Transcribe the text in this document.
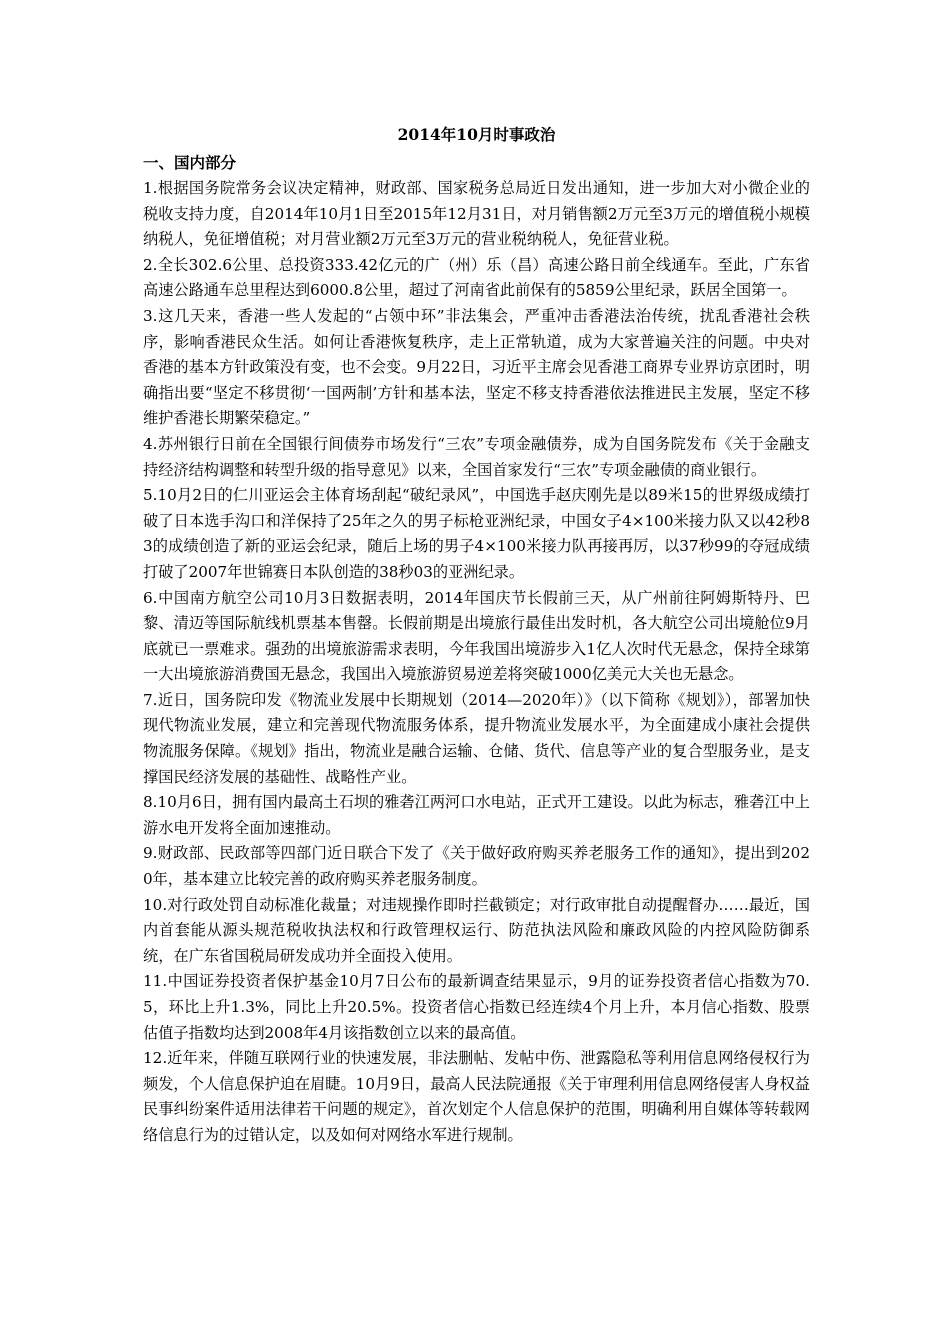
2014年10月时事政治

一、国内部分

1.根据国务院常务会议决定精神，财政部、国家税务总局近日发出通知，进一步加大对小微企业的税收支持力度，自2014年10月1日至2015年12月31日，对月销售额2万元至3万元的增值税小规模纳税人，免征增值税；对月营业额2万元至3万元的营业税纳税人，免征营业税。

2.全长302.6公里、总投资333.42亿元的广（州）乐（昌）高速公路日前全线通车。至此，广东省高速公路通车总里程达到6000.8公里，超过了河南省此前保有的5859公里纪录，跃居全国第一。

3.这几天来，香港一些人发起的“占领中环”非法集会，严重冲击香港法治传统，扰乱香港社会秩序，影响香港民众生活。如何让香港恢复秩序，走上正常轨道，成为大家普遍关注的问题。中央对香港的基本方针政策没有变，也不会变。9月22日，习近平主席会见香港工商界专业界访京团时，明确指出要“坚定不移贯彻‘一国两制’方针和基本法，坚定不移支持香港依法推进民主发展，坚定不移维护香港长期繁荣稳定。”

4.苏州银行日前在全国银行间债券市场发行“三农”专项金融债券，成为自国务院发布《关于金融支持经济结构调整和转型升级的指导意见》以来，全国首家发行“三农”专项金融债的商业银行。

5.10月2日的仁川亚运会主体育场刮起“破纪录风”，中国选手赵庆刚先是以89米15的世界级成绩打破了日本选手沟口和洋保持了25年之久的男子标枪亚洲纪录，中国女子4×100米接力队又以42秒83的成绩创造了新的亚运会纪录，随后上场的男子4×100米接力队再接再厉，以37秒99的夺冠成绩打破了2007年世锦赛日本队创造的38秒03的亚洲纪录。

6.中国南方航空公司10月3日数据表明，2014年国庆节长假前三天，从广州前往阿姆斯特丹、巴黎、清迈等国际航线机票基本售罄。长假前期是出境旅行最佳出发时机，各大航空公司出境舱位9月底就已一票难求。强劲的出境旅游需求表明，今年我国出境游步入1亿人次时代无悬念，保持全球第一大出境旅游消费国无悬念，我国出入境旅游贸易逆差将突破1000亿美元大关也无悬念。

7.近日，国务院印发《物流业发展中长期规划（2014—2020年）》（以下简称《规划》），部署加快现代物流业发展，建立和完善现代物流服务体系，提升物流业发展水平，为全面建成小康社会提供物流服务保障。《规划》指出，物流业是融合运输、仓储、货代、信息等产业的复合型服务业，是支撑国民经济发展的基础性、战略性产业。

8.10月6日，拥有国内最高土石坝的雅砻江两河口水电站，正式开工建设。以此为标志，雅砻江中上游水电开发将全面加速推动。

9.财政部、民政部等四部门近日联合下发了《关于做好政府购买养老服务工作的通知》，提出到2020年，基本建立比较完善的政府购买养老服务制度。

10.对行政处罚自动标准化裁量；对违规操作即时拦截锁定；对行政审批自动提醒督办……最近，国内首套能从源头规范税收执法权和行政管理权运行、防范执法风险和廉政风险的内控风险防御系统，在广东省国税局研发成功并全面投入使用。

11.中国证券投资者保护基金10月7日公布的最新调查结果显示，9月的证券投资者信心指数为70.5，环比上升1.3%，同比上升20.5%。投资者信心指数已经连续4个月上升，本月信心指数、股票估值子指数均达到2008年4月该指数创立以来的最高值。

12.近年来，伴随互联网行业的快速发展，非法删帖、发帖中伤、泄露隐私等利用信息网络侵权行为频发，个人信息保护迫在眉睫。10月9日，最高人民法院通报《关于审理利用信息网络侵害人身权益民事纠纷案件适用法律若干问题的规定》，首次划定个人信息保护的范围，明确利用自媒体等转载网络信息行为的过错认定，以及如何对网络水军进行规制。
